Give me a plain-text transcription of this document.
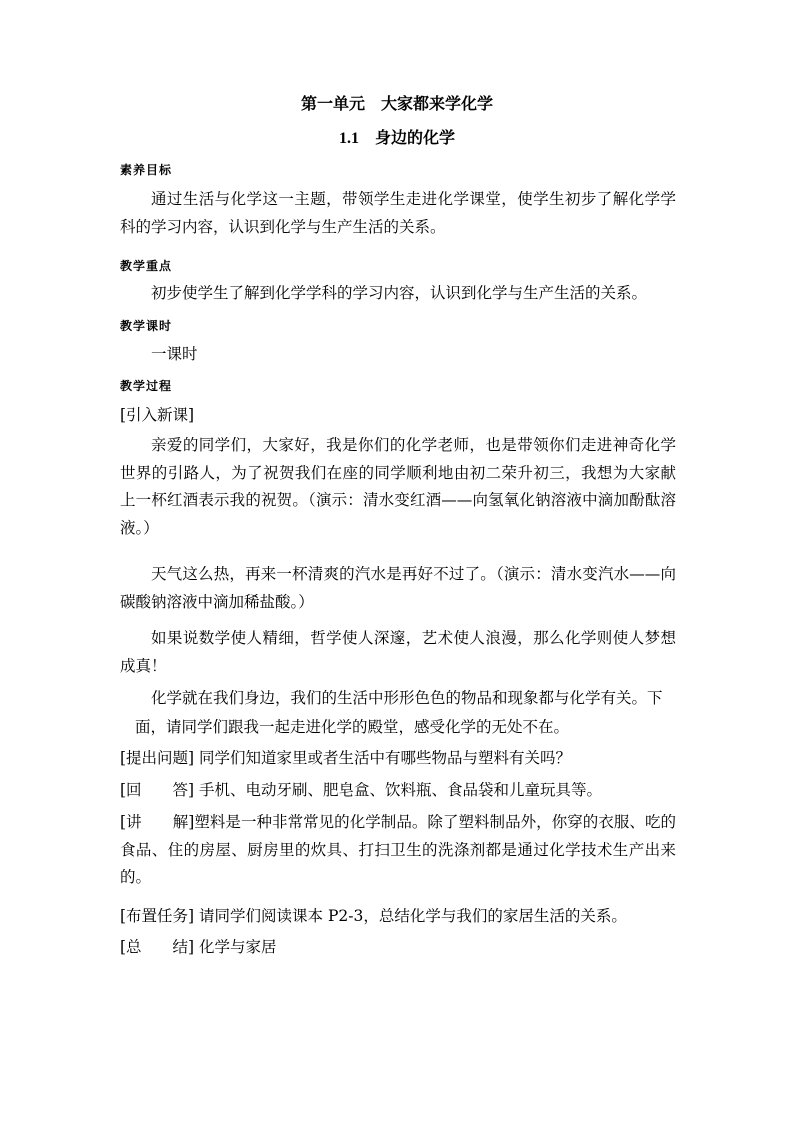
第一单元　大家都来学化学
1.1　身边的化学
素养目标

通过生活与化学这一主题，带领学生走进化学课堂，使学生初步了解化学学科的学习内容，认识到化学与生产生活的关系。

教学重点

初步使学生了解到化学学科的学习内容，认识到化学与生产生活的关系。

教学课时

一课时

教学过程
[引入新课]

亲爱的同学们，大家好，我是你们的化学老师，也是带领你们走进神奇化学世界的引路人，为了祝贺我们在座的同学顺利地由初二荣升初三，我想为大家献上一杯红酒表示我的祝贺。（演示：清水变红酒——向氢氧化钠溶液中滴加酚酞溶液。）

天气这么热，再来一杯清爽的汽水是再好不过了。（演示：清水变汽水——向碳酸钠溶液中滴加稀盐酸。）

如果说数学使人精细，哲学使人深邃，艺术使人浪漫，那么化学则使人梦想成真！

化学就在我们身边，我们的生活中形形色色的物品和现象都与化学有关。下
面，请同学们跟我一起走进化学的殿堂，感受化学的无处不在。
[提出问题] 同学们知道家里或者生活中有哪些物品与塑料有关吗？
[回　　答] 手机、电动牙刷、肥皂盒、饮料瓶、食品袋和儿童玩具等。

[讲　　解]塑料是一种非常常见的化学制品。除了塑料制品外，你穿的衣服、吃的食品、住的房屋、厨房里的炊具、打扫卫生的洗涤剂都是通过化学技术生产出来的。

[布置任务] 请同学们阅读课本 P2-3，总结化学与我们的家居生活的关系。
[总　　结] 化学与家居
